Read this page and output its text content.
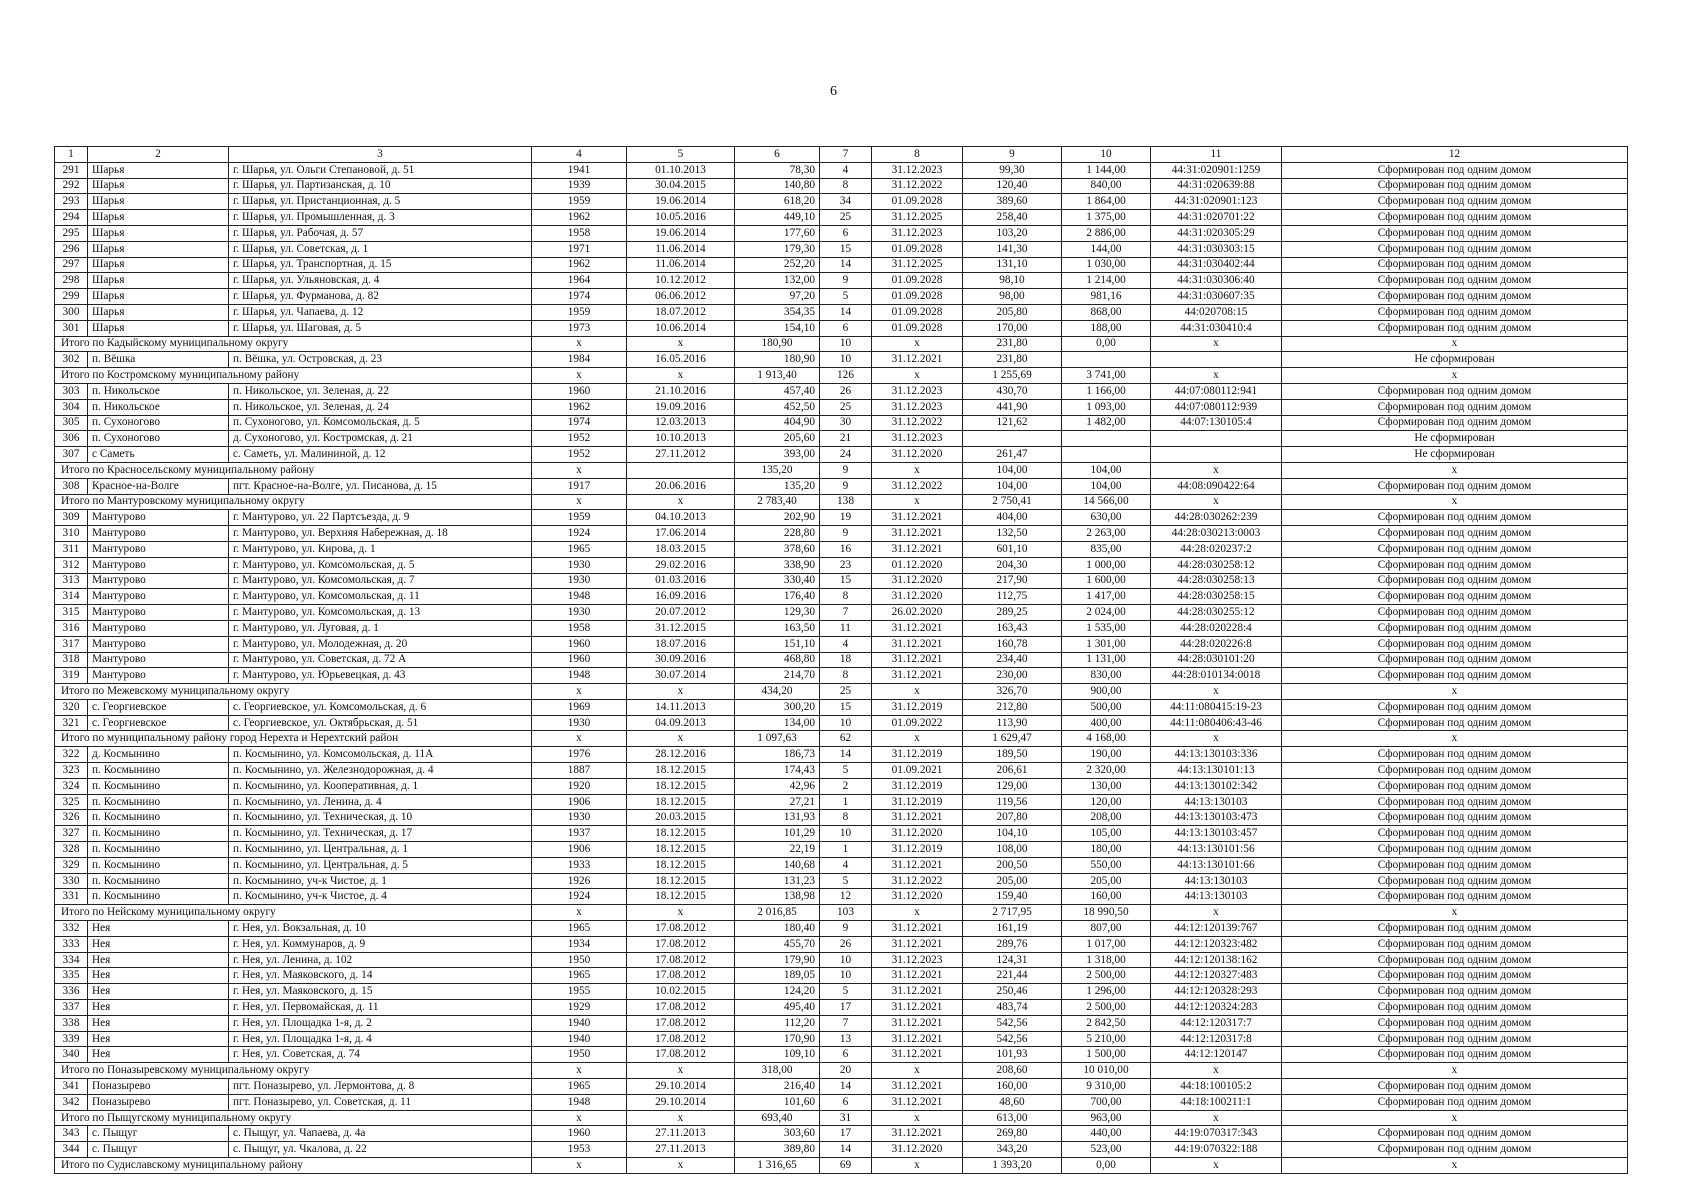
6
1	2	3	4	5	6	7	8	9	10	11	12
291	Шарья	г. Шарья, ул. Ольги Степановой, д. 51	1941	01.10.2013	78,30	4	31.12.2023	99,30	1 144,00	44:31:020901:1259	Сформирован под одним домом
292	Шарья	г. Шарья, ул. Партизанская, д. 10	1939	30.04.2015	140,80	8	31.12.2022	120,40	840,00	44:31:020639:88	Сформирован под одним домом
293	Шарья	г. Шарья, ул. Пристанционная, д. 5	1959	19.06.2014	618,20	34	01.09.2028	389,60	1 864,00	44:31:020901:123	Сформирован под одним домом
294	Шарья	г. Шарья, ул. Промышленная, д. 3	1962	10.05.2016	449,10	25	31.12.2025	258,40	1 375,00	44:31:020701:22	Сформирован под одним домом
295	Шарья	г. Шарья, ул. Рабочая, д. 57	1958	19.06.2014	177,60	6	31.12.2023	103,20	2 886,00	44:31:020305:29	Сформирован под одним домом
296	Шарья	г. Шарья, ул. Советская, д. 1	1971	11.06.2014	179,30	15	01.09.2028	141,30	144,00	44:31:030303:15	Сформирован под одним домом
297	Шарья	г. Шарья, ул. Транспортная, д. 15	1962	11.06.2014	252,20	14	31.12.2025	131,10	1 030,00	44:31:030402:44	Сформирован под одним домом
298	Шарья	г. Шарья, ул. Ульяновская, д. 4	1964	10.12.2012	132,00	9	01.09.2028	98,10	1 214,00	44:31:030306:40	Сформирован под одним домом
299	Шарья	г. Шарья, ул. Фурманова, д. 82	1974	06.06.2012	97,20	5	01.09.2028	98,00	981,16	44:31:030607:35	Сформирован под одним домом
300	Шарья	г. Шарья, ул. Чапаева, д. 12	1959	18.07.2012	354,35	14	01.09.2028	205,80	868,00	44:020708:15	Сформирован под одним домом
301	Шарья	г. Шарья, ул. Шаговая, д. 5	1973	10.06.2014	154,10	6	01.09.2028	170,00	188,00	44:31:030410:4	Сформирован под одним домом
Итого по Кадыйскому муниципальному округу			x	x	180,90	10	x	231,80	0,00	x	x
302	п. Вёшка	п. Вёшка, ул. Островская, д. 23	1984	16.05.2016	180,90	10	31.12.2021	231,80			Не сформирован
Итого по Костромскому муниципальному району			x	x	1 913,40	126	x	1 255,69	3 741,00	x	x
303	п. Никольское	п. Никольское, ул. Зеленая, д. 22	1960	21.10.2016	457,40	26	31.12.2023	430,70	1 166,00	44:07:080112:941	Сформирован под одним домом
304	п. Никольское	п. Никольское, ул. Зеленая, д. 24	1962	19.09.2016	452,50	25	31.12.2023	441,90	1 093,00	44:07:080112:939	Сформирован под одним домом
305	п. Сухоногово	п. Сухоногово, ул. Комсомольская, д. 5	1974	12.03.2013	404,90	30	31.12.2022	121,62	1 482,00	44:07:130105:4	Сформирован под одним домом
306	п. Сухоногово	д. Сухоногово, ул. Костромская, д. 21	1952	10.10.2013	205,60	21	31.12.2023				Не сформирован
307	с Саметь	с. Саметь, ул. Малининой, д. 12	1952	27.11.2012	393,00	24	31.12.2020	261,47			Не сформирован
Итого по Красносельскому муниципальному району			x		135,20	9	x	104,00	104,00	x	x
308	Красное-на-Волге	пгт. Красное-на-Волге, ул. Писанова, д. 15	1917	20.06.2016	135,20	9	31.12.2022	104,00	104,00	44:08:090422:64	Сформирован под одним домом
Итого по Мантуровскому муниципальному округу			x	x	2 783,40	138	x	2 750,41	14 566,00	x	x
309	Мантурово	г. Мантурово, ул. 22 Партсъезда, д. 9	1959	04.10.2013	202,90	19	31.12.2021	404,00	630,00	44:28:030262:239	Сформирован под одним домом
310	Мантурово	г. Мантурово, ул. Верхняя Набережная, д. 18	1924	17.06.2014	228,80	9	31.12.2021	132,50	2 263,00	44:28:030213:0003	Сформирован под одним домом
311	Мантурово	г. Мантурово, ул. Кирова, д. 1	1965	18.03.2015	378,60	16	31.12.2021	601,10	835,00	44:28:020237:2	Сформирован под одним домом
312	Мантурово	г. Мантурово, ул. Комсомольская, д. 5	1930	29.02.2016	338,90	23	01.12.2020	204,30	1 000,00	44:28:030258:12	Сформирован под одним домом
313	Мантурово	г. Мантурово, ул. Комсомольская, д. 7	1930	01.03.2016	330,40	15	31.12.2020	217,90	1 600,00	44:28:030258:13	Сформирован под одним домом
314	Мантурово	г. Мантурово, ул. Комсомольская, д. 11	1948	16.09.2016	176,40	8	31.12.2020	112,75	1 417,00	44:28:030258:15	Сформирован под одним домом
315	Мантурово	г. Мантурово, ул. Комсомольская, д. 13	1930	20.07.2012	129,30	7	26.02.2020	289,25	2 024,00	44:28:030255:12	Сформирован под одним домом
316	Мантурово	г. Мантурово, ул. Луговая, д. 1	1958	31.12.2015	163,50	11	31.12.2021	163,43	1 535,00	44:28:020228:4	Сформирован под одним домом
317	Мантурово	г. Мантурово, ул. Молодежная, д. 20	1960	18.07.2016	151,10	4	31.12.2021	160,78	1 301,00	44:28:020226:8	Сформирован под одним домом
318	Мантурово	г. Мантурово, ул. Советская, д. 72 А	1960	30.09.2016	468,80	18	31.12.2021	234,40	1 131,00	44:28:030101:20	Сформирован под одним домом
319	Мантурово	г. Мантурово, ул. Юрьевецкая, д. 43	1948	30.07.2014	214,70	8	31.12.2021	230,00	830,00	44:28:010134:0018	Сформирован под одним домом
Итого по Межевскому муниципальному округу			x	x	434,20	25	x	326,70	900,00	x	x
320	с. Георгиевское	с. Георгиевское, ул. Комсомольская, д. 6	1969	14.11.2013	300,20	15	31.12.2019	212,80	500,00	44:11:080415:19-23	Сформирован под одним домом
321	с. Георгиевское	с. Георгиевское, ул. Октябрьская, д. 51	1930	04.09.2013	134,00	10	01.09.2022	113,90	400,00	44:11:080406:43-46	Сформирован под одним домом
Итого по муниципальному району город Нерехта и Нерехтский район			x	x	1 097,63	62	x	1 629,47	4 168,00	x	x
322	д. Космынино	п. Космынино, ул. Комсомольская, д. 11А	1976	28.12.2016	186,73	14	31.12.2019	189,50	190,00	44:13:130103:336	Сформирован под одним домом
323	п. Космынино	п. Космынино, ул. Железнодорожная, д. 4	1887	18.12.2015	174,43	5	01.09.2021	206,61	2 320,00	44:13:130101:13	Сформирован под одним домом
324	п. Космынино	п. Космынино, ул. Кооперативная, д. 1	1920	18.12.2015	42,96	2	31.12.2019	129,00	130,00	44:13:130102:342	Сформирован под одним домом
325	п. Космынино	п. Космынино, ул. Ленина, д. 4	1906	18.12.2015	27,21	1	31.12.2019	119,56	120,00	44:13:130103	Сформирован под одним домом
326	п. Космынино	п. Космынино, ул. Техническая, д. 10	1930	20.03.2015	131,93	8	31.12.2021	207,80	208,00	44:13:130103:473	Сформирован под одним домом
327	п. Космынино	п. Космынино, ул. Техническая, д. 17	1937	18.12.2015	101,29	10	31.12.2020	104,10	105,00	44:13:130103:457	Сформирован под одним домом
328	п. Космынино	п. Космынино, ул. Центральная, д. 1	1906	18.12.2015	22,19	1	31.12.2019	108,00	180,00	44:13:130101:56	Сформирован под одним домом
329	п. Космынино	п. Космынино, ул. Центральная, д. 5	1933	18.12.2015	140,68	4	31.12.2021	200,50	550,00	44:13:130101:66	Сформирован под одним домом
330	п. Космынино	п. Космынино, уч-к Чистое, д. 1	1926	18.12.2015	131,23	5	31.12.2022	205,00	205,00	44:13:130103	Сформирован под одним домом
331	п. Космынино	п. Космынино, уч-к Чистое, д. 4	1924	18.12.2015	138,98	12	31.12.2020	159,40	160,00	44:13:130103	Сформирован под одним домом
Итого по Нейскому муниципальному округу			x	x	2 016,85	103	x	2 717,95	18 990,50	x	x
332	Нея	г. Нея, ул. Вокзальная, д. 10	1965	17.08.2012	180,40	9	31.12.2021	161,19	807,00	44:12:120139:767	Сформирован под одним домом
333	Нея	г. Нея, ул. Коммунаров, д. 9	1934	17.08.2012	455,70	26	31.12.2021	289,76	1 017,00	44:12:120323:482	Сформирован под одним домом
334	Нея	г. Нея, ул. Ленина, д. 102	1950	17.08.2012	179,90	10	31.12.2023	124,31	1 318,00	44:12:120138:162	Сформирован под одним домом
335	Нея	г. Нея, ул. Маяковского, д. 14	1965	17.08.2012	189,05	10	31.12.2021	221,44	2 500,00	44:12:120327:483	Сформирован под одним домом
336	Нея	г. Нея, ул. Маяковского, д. 15	1955	10.02.2015	124,20	5	31.12.2021	250,46	1 296,00	44:12:120328:293	Сформирован под одним домом
337	Нея	г. Нея, ул. Первомайская, д. 11	1929	17.08.2012	495,40	17	31.12.2021	483,74	2 500,00	44:12:120324:283	Сформирован под одним домом
338	Нея	г. Нея, ул. Площадка 1-я, д. 2	1940	17.08.2012	112,20	7	31.12.2021	542,56	2 842,50	44:12:120317:7	Сформирован под одним домом
339	Нея	г. Нея, ул. Площадка 1-я, д. 4	1940	17.08.2012	170,90	13	31.12.2021	542,56	5 210,00	44:12:120317:8	Сформирован под одним домом
340	Нея	г. Нея, ул. Советская, д. 74	1950	17.08.2012	109,10	6	31.12.2021	101,93	1 500,00	44:12:120147	Сформирован под одним домом
Итого по Поназыревскому муниципальному округу			x	x	318,00	20	x	208,60	10 010,00	x	x
341	Поназырево	пгт. Поназырево, ул. Лермонтова, д. 8	1965	29.10.2014	216,40	14	31.12.2021	160,00	9 310,00	44:18:100105:2	Сформирован под одним домом
342	Поназырево	пгт. Поназырево, ул. Советская, д. 11	1948	29.10.2014	101,60	6	31.12.2021	48,60	700,00	44:18:100211:1	Сформирован под одним домом
Итого по Пыщугскому муниципальному округу			x	x	693,40	31	x	613,00	963,00	x	x
343	с. Пыщуг	с. Пыщуг, ул. Чапаева, д. 4а	1960	27.11.2013	303,60	17	31.12.2021	269,80	440,00	44:19:070317:343	Сформирован под одним домом
344	с. Пыщуг	с. Пыщуг, ул. Чкалова, д. 22	1953	27.11.2013	389,80	14	31.12.2020	343,20	523,00	44:19:070322:188	Сформирован под одним домом
Итого по Судиславскому муниципальному району			x	x	1 316,65	69	x	1 393,20	0,00	x	x
